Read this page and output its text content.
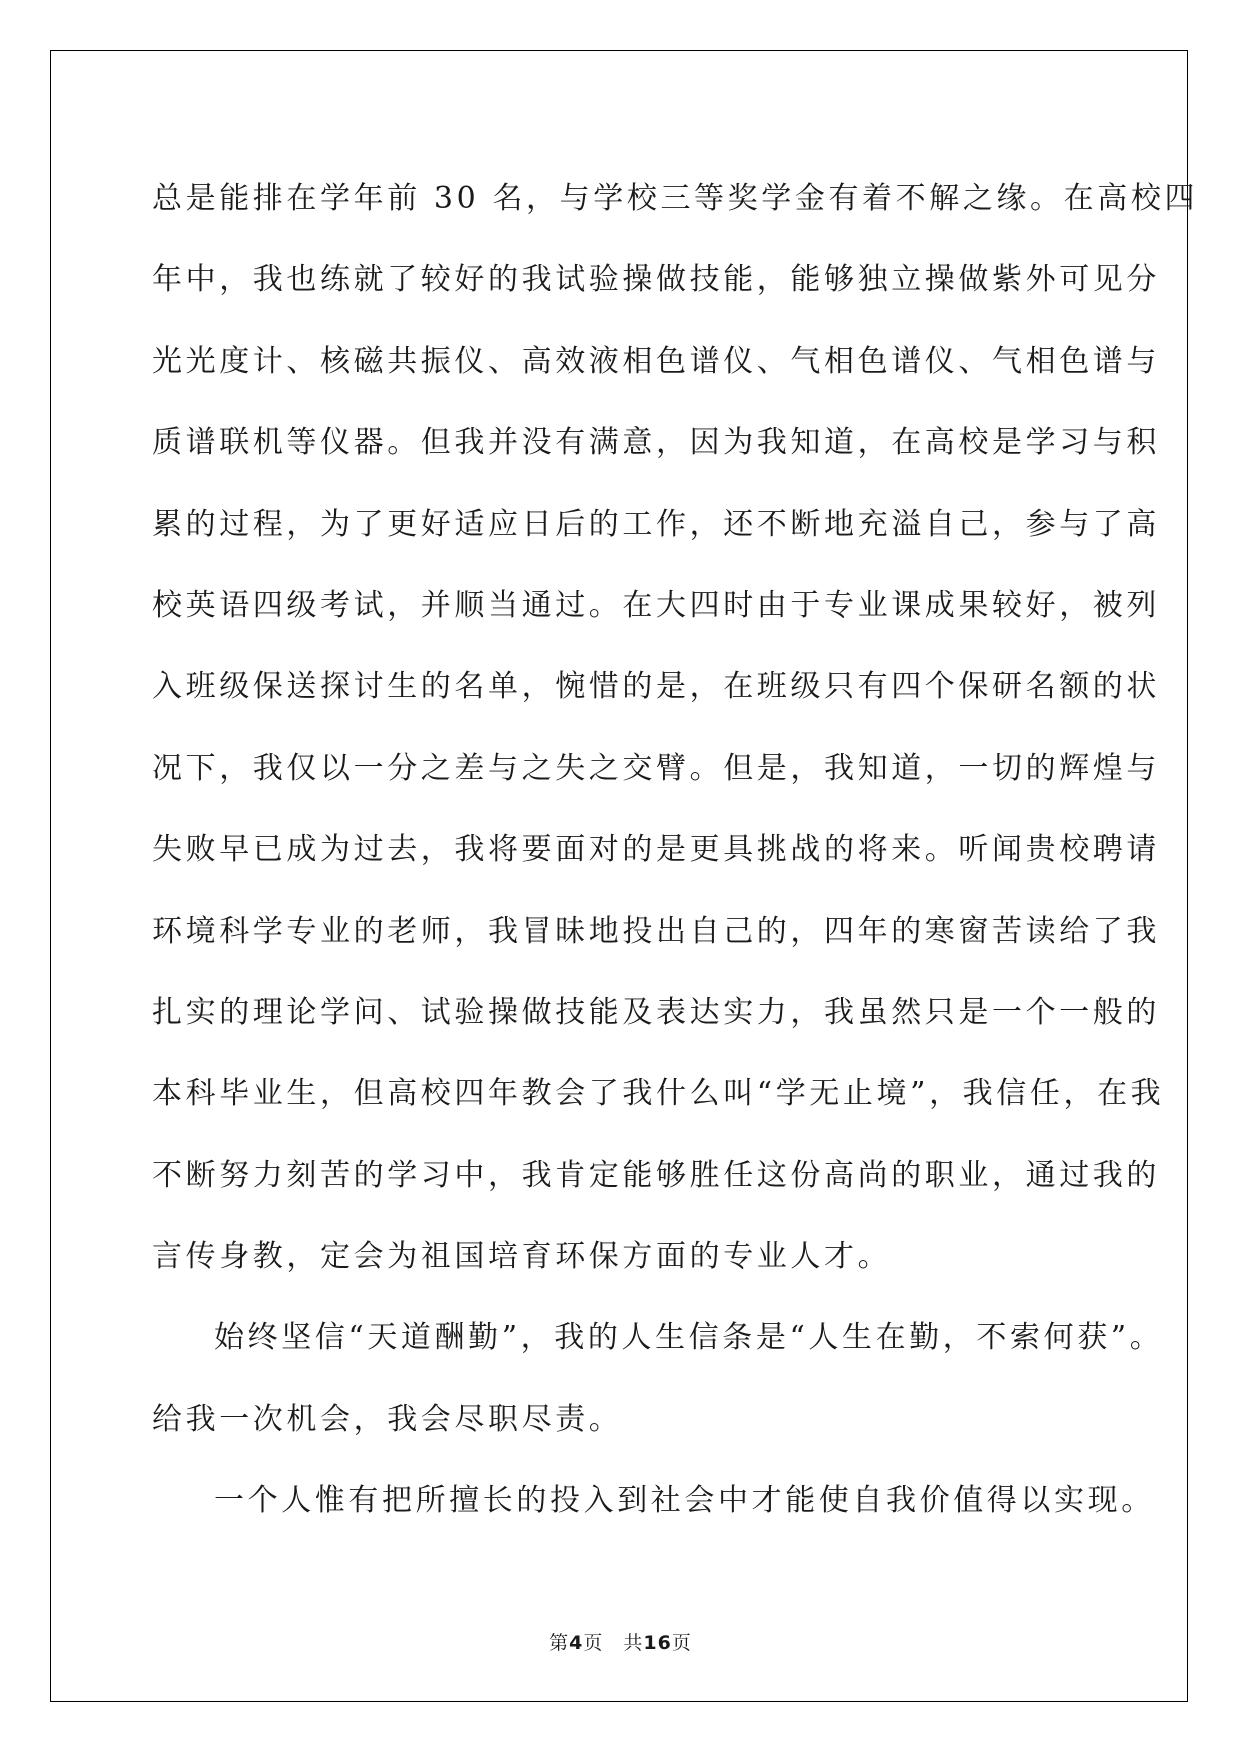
总是能排在学年前 30 名，与学校三等奖学金有着不解之缘。在高校四
年中，我也练就了较好的我试验操做技能，能够独立操做紫外可见分
光光度计、核磁共振仪、高效液相色谱仪、气相色谱仪、气相色谱与
质谱联机等仪器。但我并没有满意，因为我知道，在高校是学习与积
累的过程，为了更好适应日后的工作，还不断地充溢自己，参与了高
校英语四级考试，并顺当通过。在大四时由于专业课成果较好，被列
入班级保送探讨生的名单，惋惜的是，在班级只有四个保研名额的状
况下，我仅以一分之差与之失之交臂。但是，我知道，一切的辉煌与
失败早已成为过去，我将要面对的是更具挑战的将来。听闻贵校聘请
环境科学专业的老师，我冒昧地投出自己的，四年的寒窗苦读给了我
扎实的理论学问、试验操做技能及表达实力，我虽然只是一个一般的
本科毕业生，但高校四年教会了我什么叫“学无止境”，我信任，在我
不断努力刻苦的学习中，我肯定能够胜任这份高尚的职业，通过我的
言传身教，定会为祖国培育环保方面的专业人才。
始终坚信“天道酬勤”，我的人生信条是“人生在勤，不索何获”。
给我一次机会，我会尽职尽责。
一个人惟有把所擅长的投入到社会中才能使自我价值得以实现。
第4页 共16页
